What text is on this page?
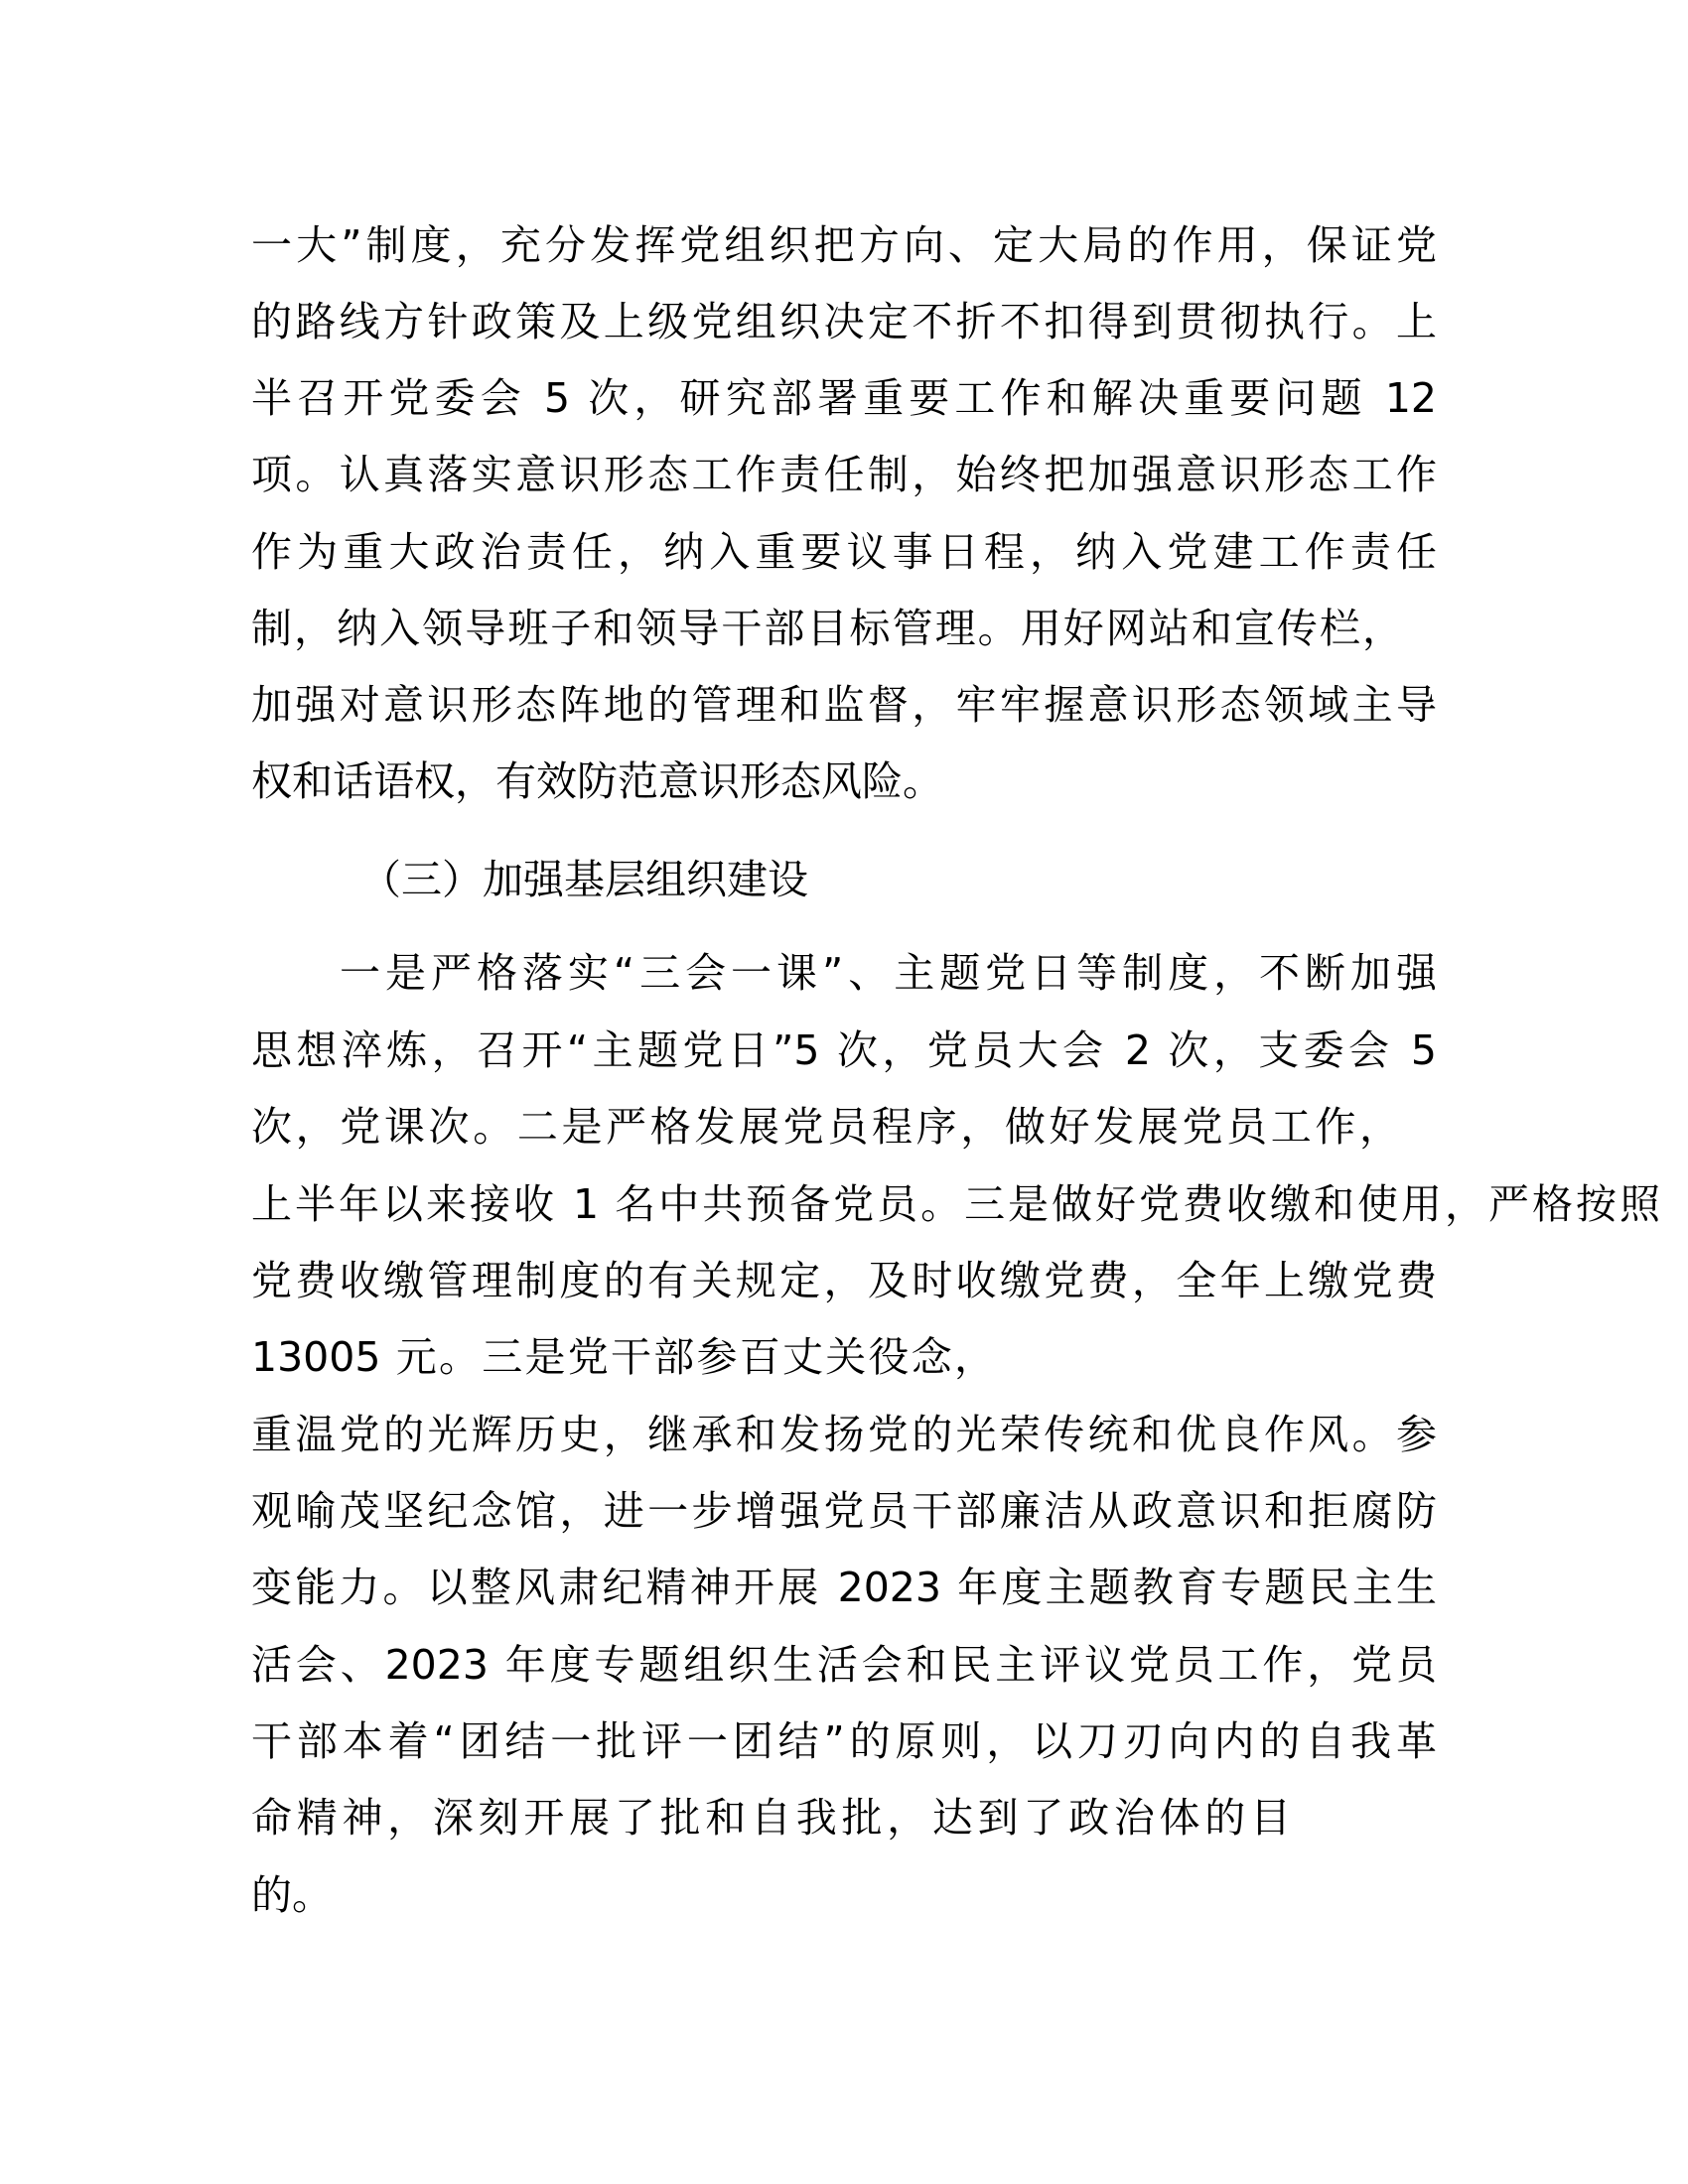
一大”制度，充分发挥党组织把方向、定大局的作用，保证党
的路线方针政策及上级党组织决定不折不扣得到贯彻执行。上
半召开党委会 5 次，研究部署重要工作和解决重要问题 12
项。认真落实意识形态工作责任制，始终把加强意识形态工作
作为重大政治责任，纳入重要议事日程，纳入党建工作责任
制，纳入领导班子和领导干部目标管理。用好网站和宣传栏，
加强对意识形态阵地的管理和监督，牢牢握意识形态领域主导
权和话语权，有效防范意识形态风险。
（三）加强基层组织建设
一是严格落实“三会一课”、主题党日等制度，不断加强
思想淬炼，召开“主题党日”5 次，党员大会 2 次，支委会 5
次，党课次。二是严格发展党员程序，做好发展党员工作，
上半年以来接收 1 名中共预备党员。三是做好党费收缴和使用，严格按照
党费收缴管理制度的有关规定，及时收缴党费，全年上缴党费
13005 元。三是党干部参百丈关役念，
重温党的光辉历史，继承和发扬党的光荣传统和优良作风。参
观喻茂坚纪念馆，进一步增强党员干部廉洁从政意识和拒腐防
变能力。以整风肃纪精神开展 2023 年度主题教育专题民主生
活会、2023 年度专题组织生活会和民主评议党员工作，党员
干部本着“团结一批评一团结”的原则，以刀刃向内的自我革
命精神，深刻开展了批和自我批，达到了政治体的目
的。
